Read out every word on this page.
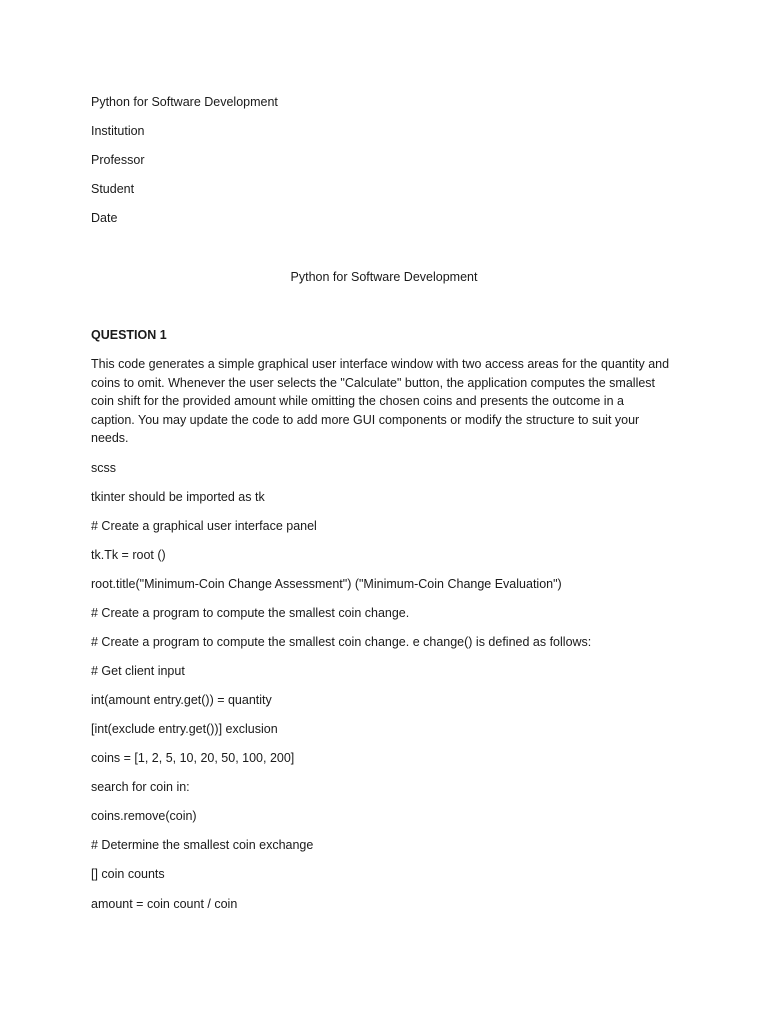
Python for Software Development

Institution

Professor

Student

Date

Python for Software Development

QUESTION 1

This code generates a simple graphical user interface window with two access areas for the quantity and
coins to omit. Whenever the user selects the "Calculate" button, the application computes the smallest
coin shift for the provided amount while omitting the chosen coins and presents the outcome in a
caption. You may update the code to add more GUI components or modify the structure to suit your
needs.

scss

tkinter should be imported as tk

# Create a graphical user interface panel

tk.Tk = root ()

root.title("Minimum-Coin Change Assessment") ("Minimum-Coin Change Evaluation")

# Create a program to compute the smallest coin change.

# Create a program to compute the smallest coin change. e change() is defined as follows:

# Get client input

int(amount entry.get()) = quantity

[int(exclude entry.get())] exclusion

coins = [1, 2, 5, 10, 20, 50, 100, 200]

search for coin in:

coins.remove(coin)

# Determine the smallest coin exchange

[] coin counts

amount = coin count / coin
